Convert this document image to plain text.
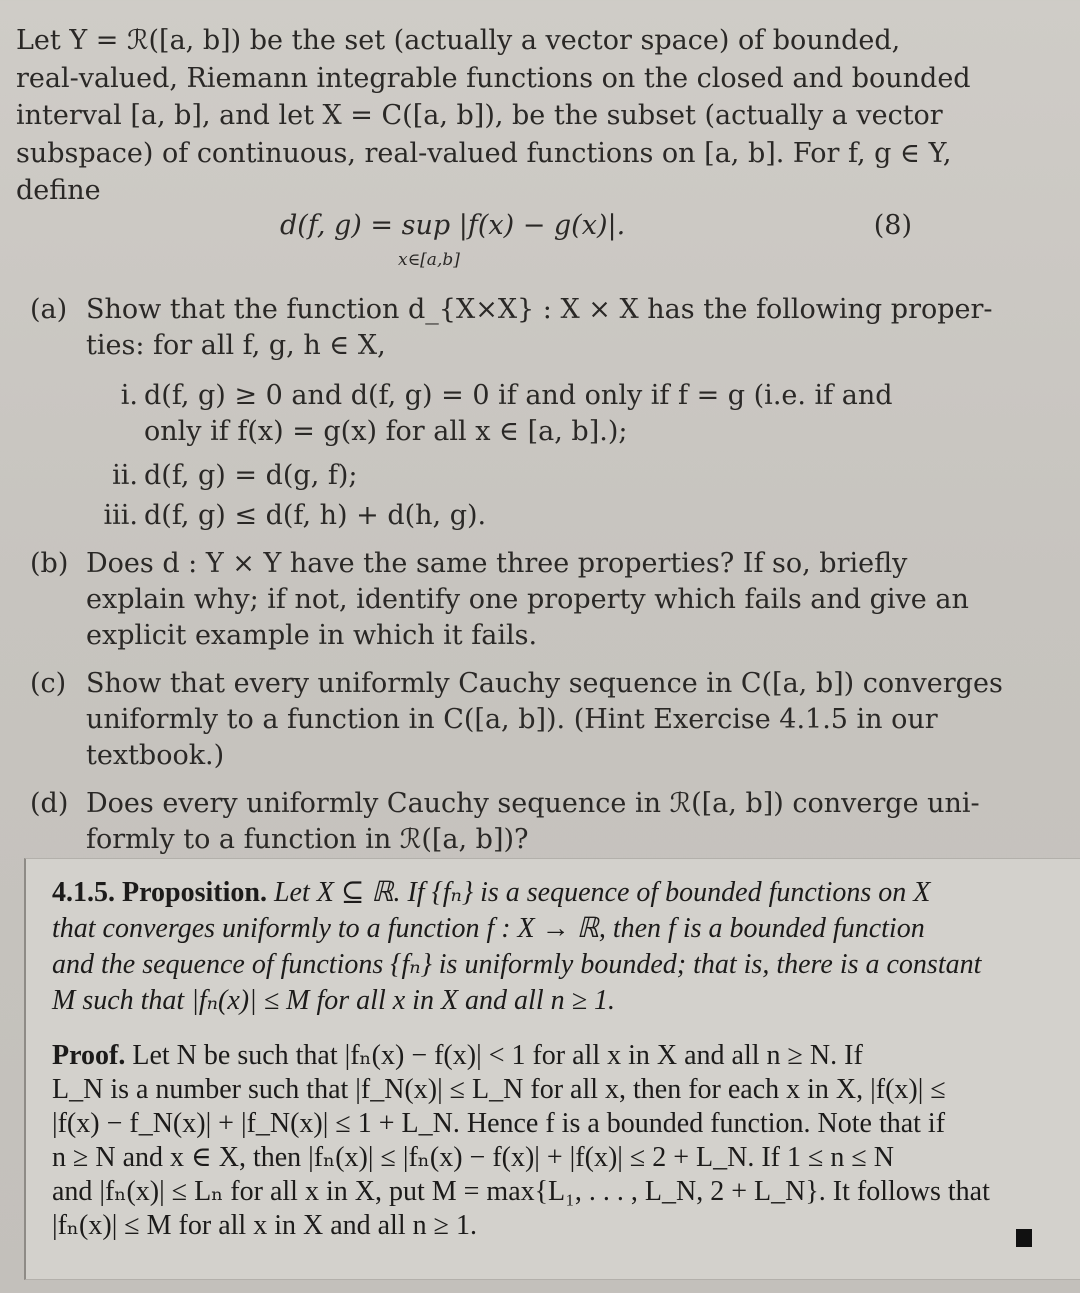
Let Y = ℛ([a, b]) be the set (actually a vector space) of bounded,
real-valued, Riemann integrable functions on the closed and bounded
interval [a, b], and let X = C([a, b]), be the subset (actually a vector
subspace) of continuous, real-valued functions on [a, b]. For f, g ∈ Y,
define
d(f, g) = sup |f(x) − g(x)|.
x∈[a,b]
(8)
(a) Show that the function d_{X×X} : X × X has the following proper-
ties: for all f, g, h ∈ X,
i. d(f, g) ≥ 0 and d(f, g) = 0 if and only if f = g (i.e. if and
only if f(x) = g(x) for all x ∈ [a, b].);
ii. d(f, g) = d(g, f);
iii. d(f, g) ≤ d(f, h) + d(h, g).
(b) Does d : Y × Y have the same three properties? If so, briefly
explain why; if not, identify one property which fails and give an
explicit example in which it fails.
(c) Show that every uniformly Cauchy sequence in C([a, b]) converges
uniformly to a function in C([a, b]). (Hint Exercise 4.1.5 in our
textbook.)
(d) Does every uniformly Cauchy sequence in ℛ([a, b]) converge uni-
formly to a function in ℛ([a, b])?
4.1.5. Proposition. Let X ⊆ ℝ. If {fₙ} is a sequence of bounded functions on X
that converges uniformly to a function f : X → ℝ, then f is a bounded function
and the sequence of functions {fₙ} is uniformly bounded; that is, there is a constant
M such that |fₙ(x)| ≤ M for all x in X and all n ≥ 1.
Proof. Let N be such that |fₙ(x) − f(x)| < 1 for all x in X and all n ≥ N. If
L_N is a number such that |f_N(x)| ≤ L_N for all x, then for each x in X, |f(x)| ≤
|f(x) − f_N(x)| + |f_N(x)| ≤ 1 + L_N. Hence f is a bounded function. Note that if
n ≥ N and x ∈ X, then |fₙ(x)| ≤ |fₙ(x) − f(x)| + |f(x)| ≤ 2 + L_N. If 1 ≤ n ≤ N
and |fₙ(x)| ≤ Lₙ for all x in X, put M = max{L₁, . . . , L_N, 2 + L_N}. It follows that
|fₙ(x)| ≤ M for all x in X and all n ≥ 1.
